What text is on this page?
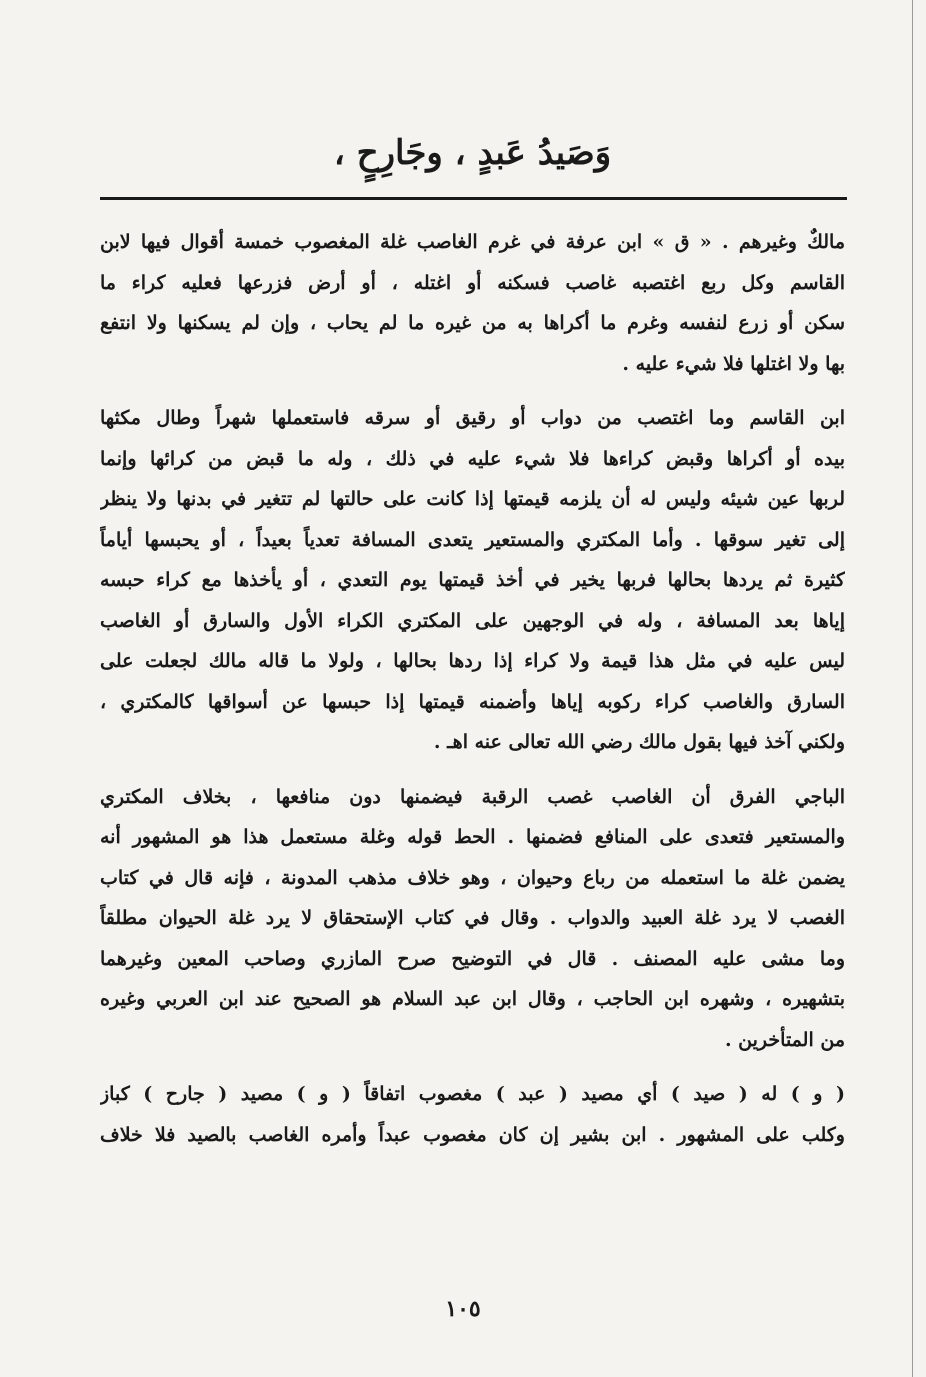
وَصَيدُ عَبدٍ ، وجَارِحٍ ،

مالكٌ وغيرهم . « ق » ابن عرفة في غرم الغاصب غلة المغصوب خمسة أقوال فيها لابن
القاسم وكل ربع اغتصبه غاصب فسكنه أو اغتله ، أو أرض فزرعها فعليه كراء ما
سكن أو زرع لنفسه وغرم ما أكراها به من غيره ما لم يحاب ، وإن لم يسكنها ولا انتفع
بها ولا اغتلها فلا شيء عليه .

ابن القاسم وما اغتصب من دواب أو رقيق أو سرقه فاستعملها شهراً وطال مكثها
بيده أو أكراها وقبض كراءها فلا شيء عليه في ذلك ، وله ما قبض من كرائها وإنما
لربها عين شيئه وليس له أن يلزمه قيمتها إذا كانت على حالتها لم تتغير في بدنها ولا ينظر
إلى تغير سوقها . وأما المكتري والمستعير يتعدى المسافة تعدياً بعيداً ، أو يحبسها أياماً
كثيرة ثم يردها بحالها فربها يخير في أخذ قيمتها يوم التعدي ، أو يأخذها مع كراء حبسه
إياها بعد المسافة ، وله في الوجهين على المكتري الكراء الأول والسارق أو الغاصب
ليس عليه في مثل هذا قيمة ولا كراء إذا ردها بحالها ، ولولا ما قاله مالك لجعلت على
السارق والغاصب كراء ركوبه إياها وأضمنه قيمتها إذا حبسها عن أسواقها كالمكتري ،
ولكني آخذ فيها بقول مالك رضي الله تعالى عنه اهـ .

الباجي الفرق أن الغاصب غصب الرقبة فيضمنها دون منافعها ، بخلاف المكتري
والمستعير فتعدى على المنافع فضمنها . الحط قوله وغلة مستعمل هذا هو المشهور أنه
يضمن غلة ما استعمله من رباع وحيوان ، وهو خلاف مذهب المدونة ، فإنه قال في كتاب
الغصب لا يرد غلة العبيد والدواب . وقال في كتاب الإستحقاق لا يرد غلة الحيوان مطلقاً
وما مشى عليه المصنف . قال في التوضيح صرح المازري وصاحب المعين وغيرهما
بتشهيره ، وشهره ابن الحاجب ، وقال ابن عبد السلام هو الصحيح عند ابن العربي وغيره
من المتأخرين .

( و ) له ( صيد ) أي مصيد ( عبد ) مغصوب اتفاقاً ( و ) مصيد ( جارح ) كباز
وكلب على المشهور . ابن بشير إن كان مغصوب عبداً وأمره الغاصب بالصيد فلا خلاف

١٠٥
